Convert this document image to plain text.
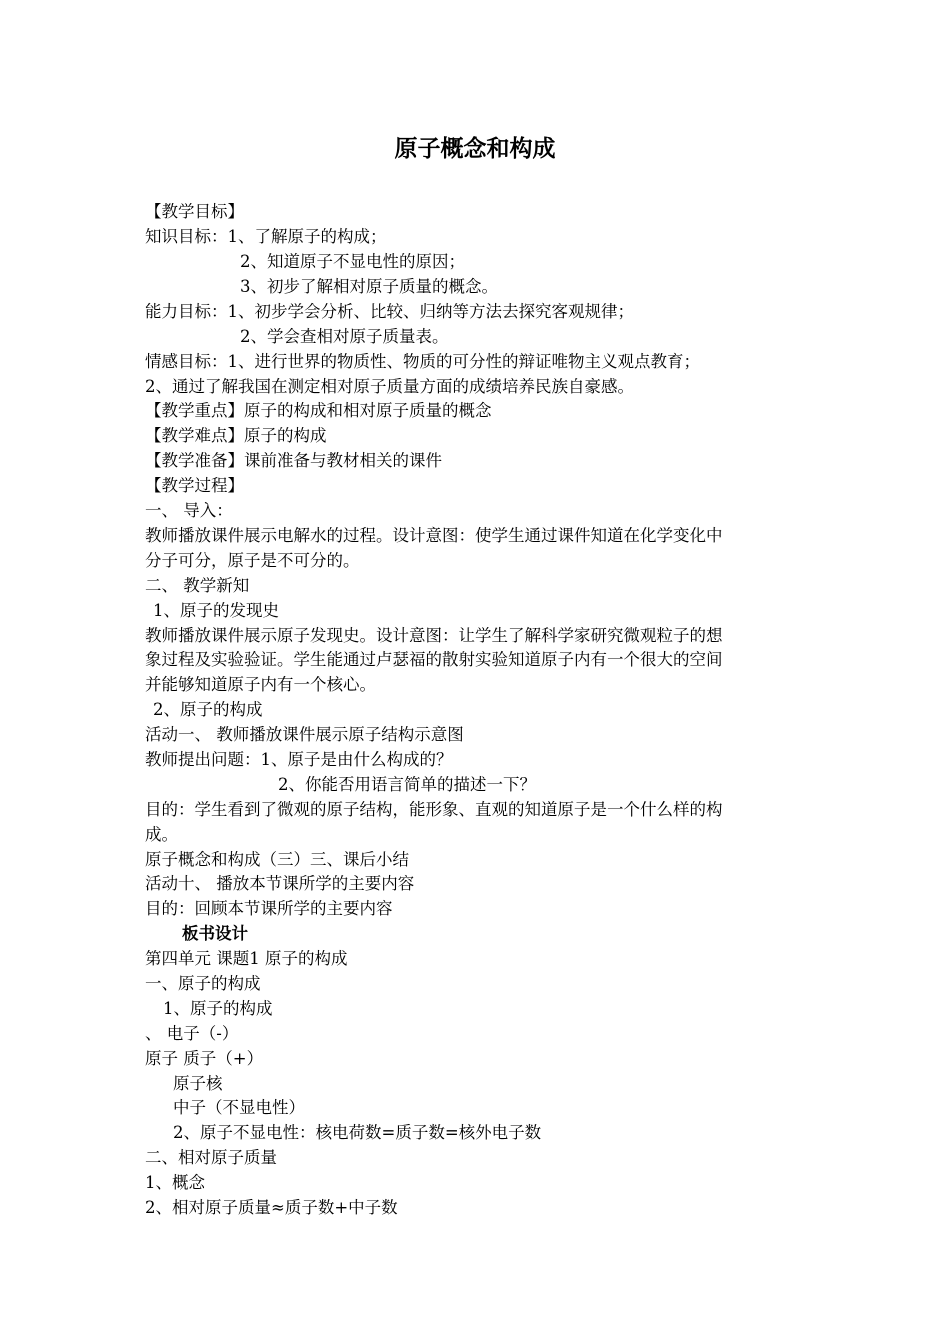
原子概念和构成
【教学目标】
知识目标：1、了解原子的构成；
2、知道原子不显电性的原因；
3、初步了解相对原子质量的概念。
能力目标：1、初步学会分析、比较、归纳等方法去探究客观规律；
2、学会查相对原子质量表。
情感目标：1、进行世界的物质性、物质的可分性的辩证唯物主义观点教育；
2、通过了解我国在测定相对原子质量方面的成绩培养民族自豪感。
【教学重点】原子的构成和相对原子质量的概念
【教学难点】原子的构成
【教学准备】课前准备与教材相关的课件
【教学过程】
一、 导入：
教师播放课件展示电解水的过程。设计意图：使学生通过课件知道在化学变化中
分子可分，原子是不可分的。
二、 教学新知
1、原子的发现史
教师播放课件展示原子发现史。设计意图：让学生了解科学家研究微观粒子的想
象过程及实验验证。学生能通过卢瑟福的散射实验知道原子内有一个很大的空间
并能够知道原子内有一个核心。
2、原子的构成
活动一、 教师播放课件展示原子结构示意图
教师提出问题：1、原子是由什么构成的？
2、你能否用语言简单的描述一下？
目的：学生看到了微观的原子结构，能形象、直观的知道原子是一个什么样的构
成。
原子概念和构成（三）三、课后小结
活动十、 播放本节课所学的主要内容
目的：回顾本节课所学的主要内容
板书设计
第四单元 课题1 原子的构成
一、原子的构成
1、原子的构成
、 电子（-）
原子 质子（+）
原子核
中子（不显电性）
2、原子不显电性：核电荷数=质子数=核外电子数
二、相对原子质量
1、概念
2、相对原子质量≈质子数+中子数
